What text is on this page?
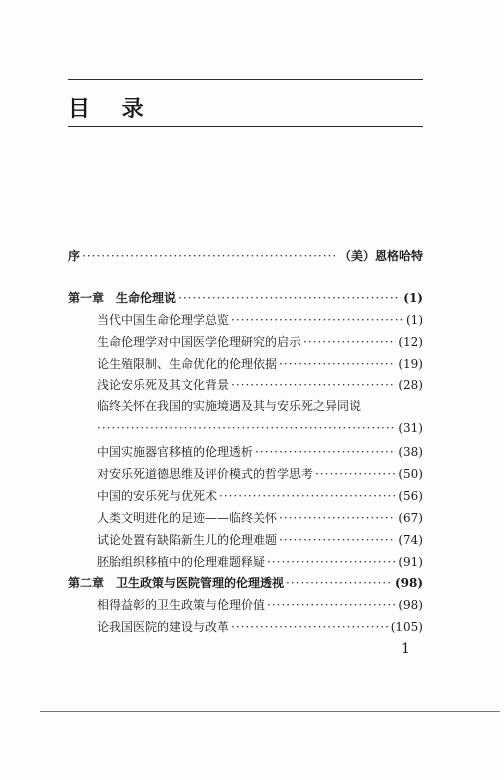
目 录
序 ·····	（美）恩格哈特
第一章 生命伦理说 ·····	(1)
当代中国生命伦理学总览 ·····	(1)
生命伦理学对中国医学伦理研究的启示 ·····	(12)
论生殖限制、生命优化的伦理依据 ·····	(19)
浅论安乐死及其文化背景 ·····	(28)
临终关怀在我国的实施境遇及其与安乐死之异同说
·····
(31)
中国实施器官移植的伦理透析 ·····	(38)
对安乐死道德思维及评价模式的哲学思考 ·····	(50)
中国的安乐死与优死术 ·····	(56)
人类文明进化的足迹——临终关怀 ·····	(67)
试论处置有缺陷新生儿的伦理难题 ·····	(74)
胚胎组织移植中的伦理难题释疑 ·····	(91)
第二章 卫生政策与医院管理的伦理透视 ·····	(98)
相得益彰的卫生政策与伦理价值 ·····	(98)
论我国医院的建设与改革 ·····	(105)
1
